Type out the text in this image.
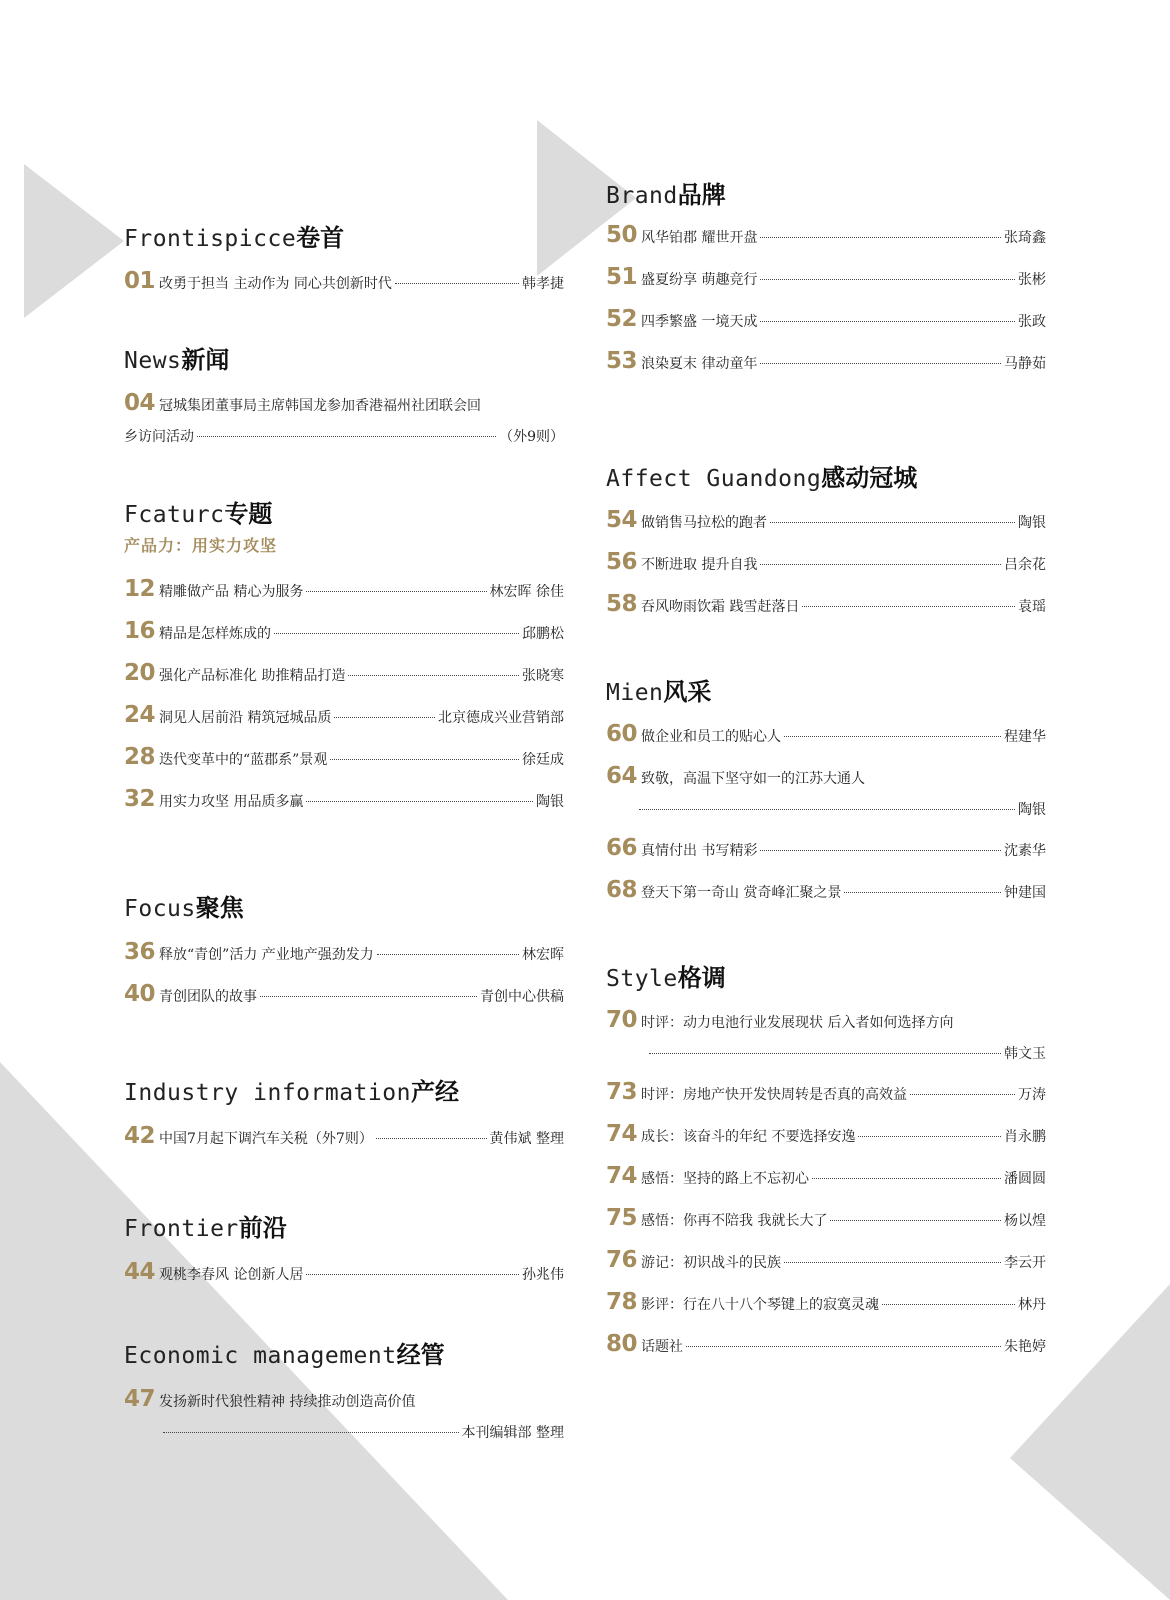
Frontispicce 卷首
01 改勇于担当 主动作为 同心共创新时代	韩孝捷
News 新闻
04 冠城集团董事局主席韩国龙参加香港福州社团联会回
乡访问活动	（外9则）
Fcaturc 专题
产品力：用实力攻坚
12 精雕做产品 精心为服务	林宏晖 徐佳
16 精品是怎样炼成的	邱鹏松
20 强化产品标准化 助推精品打造	张晓寒
24 洞见人居前沿 精筑冠城品质	北京德成兴业营销部
28 迭代变革中的“蓝郡系”景观	徐廷成
32 用实力攻坚 用品质多赢	陶银
Focus 聚焦
36 释放“青创”活力 产业地产强劲发力	林宏晖
40 青创团队的故事	青创中心供稿
Industry information 产经
42 中国7月起下调汽车关税（外7则）	黄伟斌 整理
Frontier 前沿
44 观桃李春风 论创新人居	孙兆伟
Economic management 经管
47 发扬新时代狼性精神 持续推动创造高价值
本刊编辑部 整理
Brand 品牌
50 风华铂郡 耀世开盘	张琦鑫
51 盛夏纷享 萌趣竞行	张彬
52 四季繁盛 一境天成	张政
53 浪染夏末 律动童年	马静茹
Affect Guandong 感动冠城
54 做销售马拉松的跑者	陶银
56 不断进取 提升自我	吕余花
58 吞风吻雨饮霜 践雪赶落日	袁瑶
Mien 风采
60 做企业和员工的贴心人	程建华
64 致敬，高温下坚守如一的江苏大通人
陶银
66 真情付出 书写精彩	沈素华
68 登天下第一奇山 赏奇峰汇聚之景	钟建国
Style 格调
70 时评：动力电池行业发展现状 后入者如何选择方向
韩文玉
73 时评：房地产快开发快周转是否真的高效益	万涛
74 成长：该奋斗的年纪 不要选择安逸	肖永鹏
74 感悟：坚持的路上不忘初心	潘圆圆
75 感悟：你再不陪我 我就长大了	杨以煌
76 游记：初识战斗的民族	李云开
78 影评：行在八十八个琴键上的寂寞灵魂	林丹
80 话题社	朱艳婷
